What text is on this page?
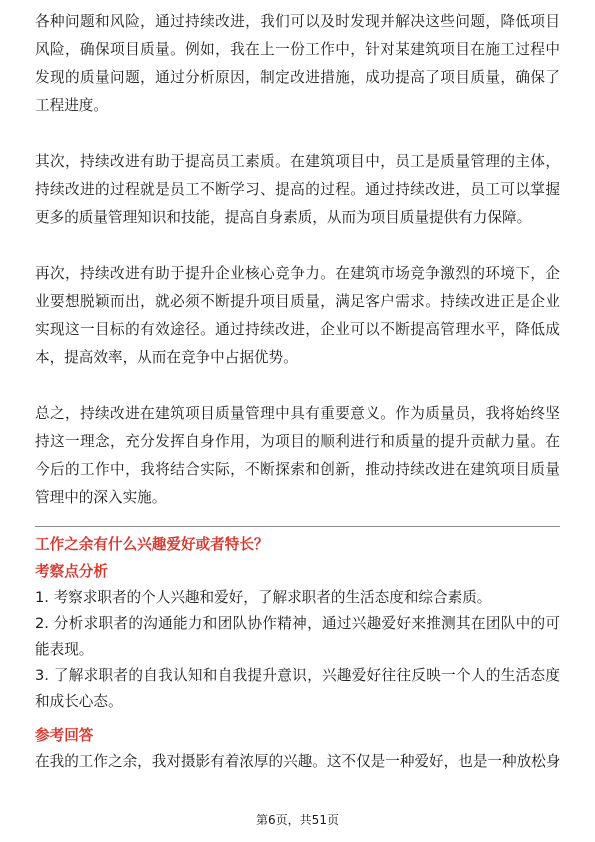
各种问题和风险，通过持续改进，我们可以及时发现并解决这些问题，降低项目风险，确保项目质量。例如，我在上一份工作中，针对某建筑项目在施工过程中发现的质量问题，通过分析原因，制定改进措施，成功提高了项目质量，确保了工程进度。

其次，持续改进有助于提高员工素质。在建筑项目中，员工是质量管理的主体，持续改进的过程就是员工不断学习、提高的过程。通过持续改进，员工可以掌握更多的质量管理知识和技能，提高自身素质，从而为项目质量提供有力保障。

再次，持续改进有助于提升企业核心竞争力。在建筑市场竞争激烈的环境下，企业要想脱颖而出，就必须不断提升项目质量，满足客户需求。持续改进正是企业实现这一目标的有效途径。通过持续改进，企业可以不断提高管理水平，降低成本，提高效率，从而在竞争中占据优势。

总之，持续改进在建筑项目质量管理中具有重要意义。作为质量员，我将始终坚持这一理念，充分发挥自身作用，为项目的顺利进行和质量的提升贡献力量。在今后的工作中，我将结合实际，不断探索和创新，推动持续改进在建筑项目质量管理中的深入实施。

工作之余有什么兴趣爱好或者特长？
考察点分析
1. 考察求职者的个人兴趣和爱好，了解求职者的生活态度和综合素质。
2. 分析求职者的沟通能力和团队协作精神，通过兴趣爱好来推测其在团队中的可能表现。
3. 了解求职者的自我认知和自我提升意识，兴趣爱好往往反映一个人的生活态度和成长心态。
参考回答

在我的工作之余，我对摄影有着浓厚的兴趣。这不仅是一种爱好，也是一种放松身

第6页，共51页
